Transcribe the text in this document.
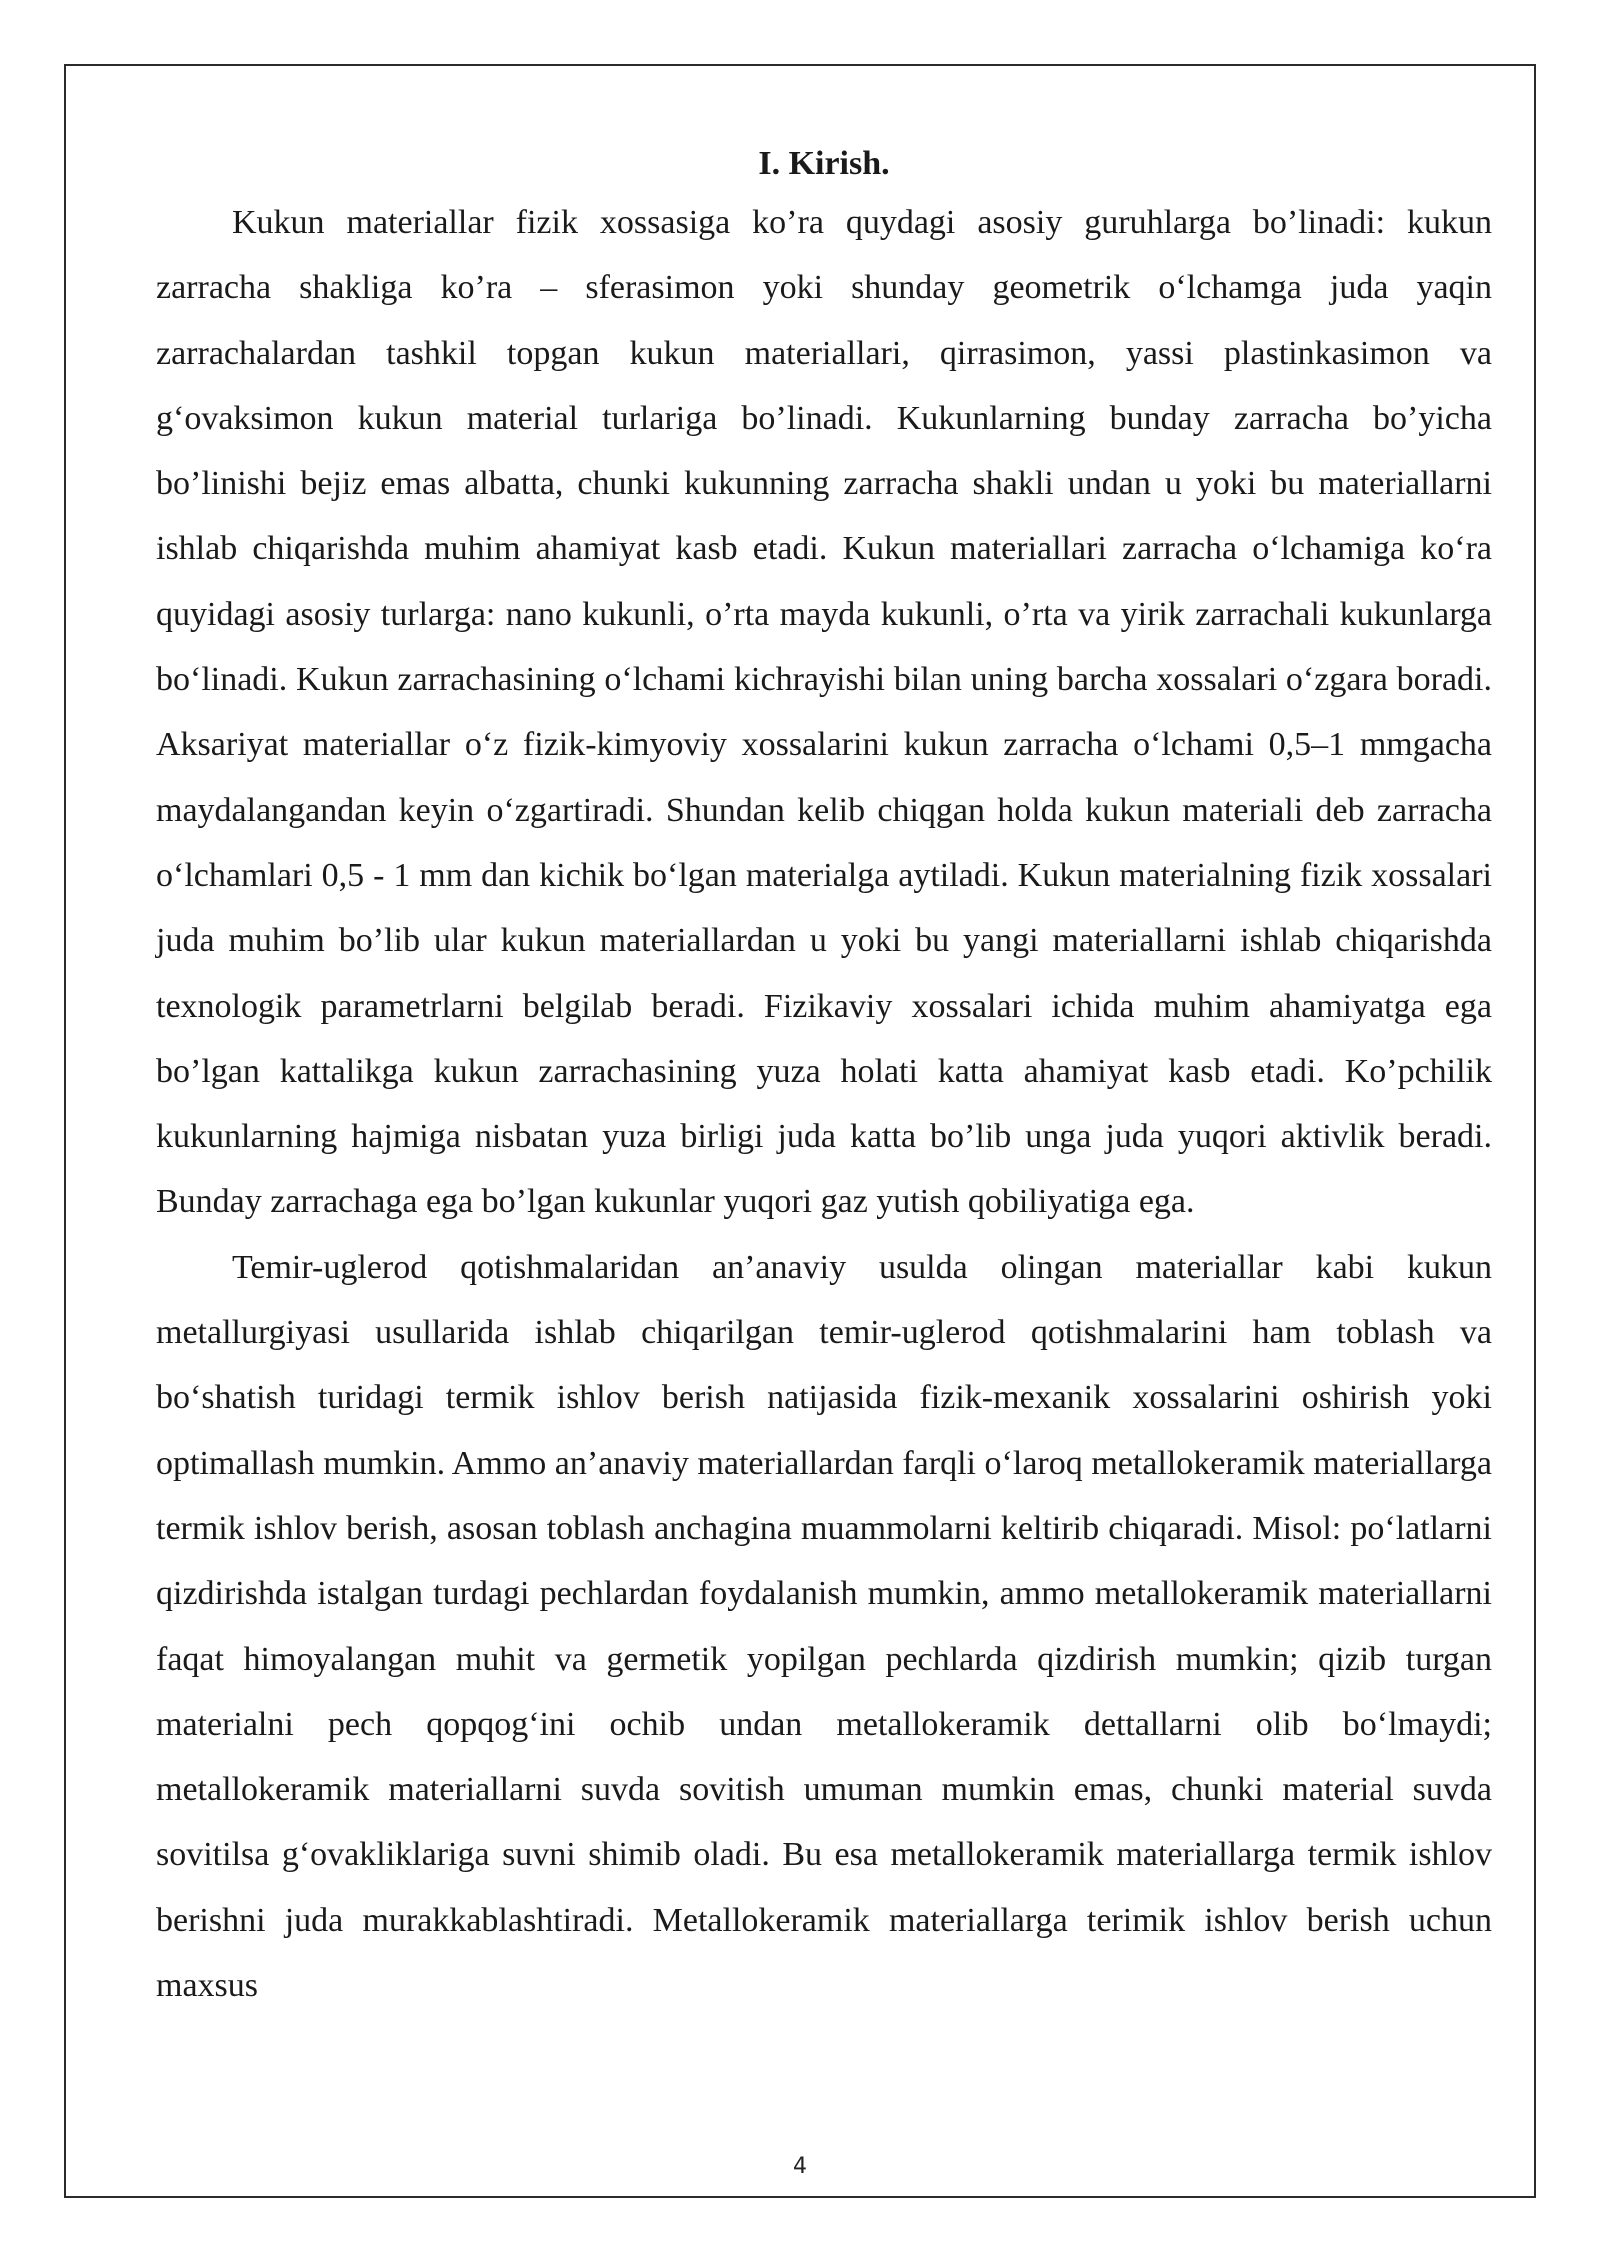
I. Kirish.

Kukun materiallar fizik xossasiga ko’ra quydagi asosiy guruhlarga bo’linadi: kukun zarracha shakliga ko’ra – sferasimon yoki shunday geometrik o‘lchamga juda yaqin zarrachalardan tashkil topgan kukun materiallari, qirrasimon, yassi plastinkasimon va g‘ovaksimon kukun material turlariga bo’linadi. Kukunlarning bunday zarracha bo’yicha bo’linishi bejiz emas albatta, chunki kukunning zarracha shakli undan u yoki bu materiallarni ishlab chiqarishda muhim ahamiyat kasb etadi. Kukun materiallari zarracha o‘lchamiga ko‘ra quyidagi asosiy turlarga: nano kukunli, o’rta mayda kukunli, o’rta va yirik zarrachali kukunlarga bo‘linadi. Kukun zarrachasining o‘lchami kichrayishi bilan uning barcha xossalari o‘zgara boradi. Aksariyat materiallar o‘z fizik-kimyoviy xossalarini kukun zarracha o‘lchami 0,5–1 mmgacha maydalangandan keyin o‘zgartiradi. Shundan kelib chiqgan holda kukun materiali deb zarracha o‘lchamlari 0,5 - 1 mm dan kichik bo‘lgan materialga aytiladi. Kukun materialning fizik xossalari juda muhim bo’lib ular kukun materiallardan u yoki bu yangi materiallarni ishlab chiqarishda texnologik parametrlarni belgilab beradi. Fizikaviy xossalari ichida muhim ahamiyatga ega bo’lgan kattalikga kukun zarrachasining yuza holati katta ahamiyat kasb etadi. Ko’pchilik kukunlarning hajmiga nisbatan yuza birligi juda katta bo’lib unga juda yuqori aktivlik beradi. Bunday zarrachaga ega bo’lgan kukunlar yuqori gaz yutish qobiliyatiga ega.

Temir-uglerod qotishmalaridan an’anaviy usulda olingan materiallar kabi kukun metallurgiyasi usullarida ishlab chiqarilgan temir-uglerod qotishmalarini ham toblash va bo‘shatish turidagi termik ishlov berish natijasida fizik-mexanik xossalarini oshirish yoki optimallash mumkin. Ammo an’anaviy materiallardan farqli o‘laroq metallokeramik materiallarga termik ishlov berish, asosan toblash anchagina muammolarni keltirib chiqaradi. Misol: po‘latlarni qizdirishda istalgan turdagi pechlardan foydalanish mumkin, ammo metallokeramik materiallarni faqat himoyalangan muhit va germetik yopilgan pechlarda qizdirish mumkin; qizib turgan materialni pech qopqog‘ini ochib undan metallokeramik dettallarni olib bo‘lmaydi; metallokeramik materiallarni suvda sovitish umuman mumkin emas, chunki material suvda sovitilsa g‘ovakliklariga suvni shimib oladi. Bu esa metallokeramik materiallarga termik ishlov berishni juda murakkablashtiradi. Metallokeramik materiallarga terimik ishlov berish uchun maxsus

4
